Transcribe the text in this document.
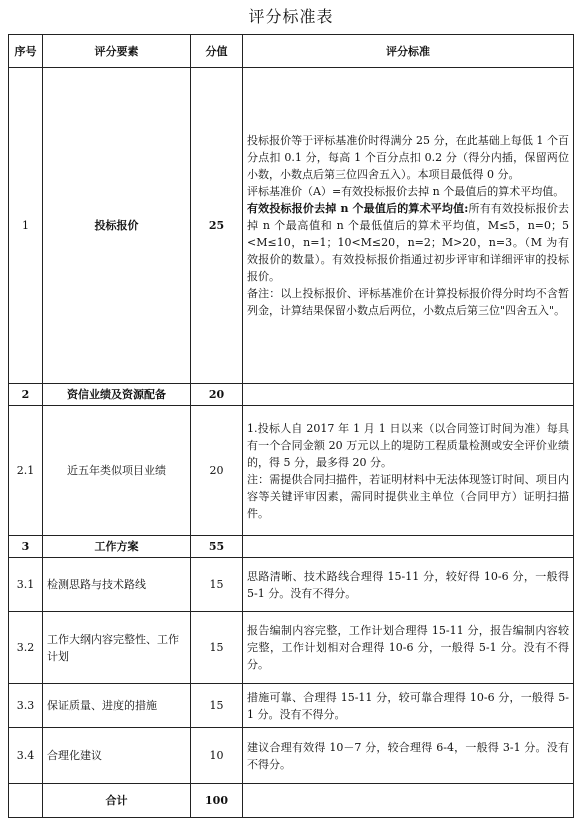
评分标准表
序号	评分要素	分值	评分标准
1	投标报价	25	投标报价等于评标基准价时得满分 25 分，在此基础上每低 1 个百分点扣 0.1 分，每高 1 个百分点扣 0.2 分（得分内插，保留两位小数，小数点后第三位四舍五入）。本项目最低得 0 分。

评标基准价（A）=有效投标报价去掉 n 个最值后的算术平均值。

有效投标报价去掉 n 个最值后的算术平均值:所有有效投标报价去掉 n 个最高值和 n 个最低值后的算术平均值，M≤5，n=0；5 <M≤10，n=1；10<M≤20，n=2；M>20，n=3。（M 为有效报价的数量）。有效投标报价指通过初步评审和详细评审的投标报价。

备注：以上投标报价、评标基准价在计算投标报价得分时均不含暂列金，计算结果保留小数点后两位，小数点后第三位"四舍五入"。

2	资信业绩及资源配备	20	
2.1	近五年类似项目业绩	20	1.投标人自 2017 年 1 月 1 日以来（以合同签订时间为准）每具有一个合同金额 20 万元以上的堤防工程质量检测或安全评价业绩的，得 5 分，最多得 20 分。

注：需提供合同扫描件，若证明材料中无法体现签订时间、项目内容等关键评审因素，需同时提供业主单位（合同甲方）证明扫描件。

3	工作方案	55	
3.1	检测思路与技术路线	15	思路清晰、技术路线合理得 15-11 分，较好得 10-6 分，一般得 5-1 分。没有不得分。

3.2	工作大纲内容完整性、工作计划	15	报告编制内容完整，工作计划合理得 15-11 分，报告编制内容较完整，工作计划相对合理得 10-6 分，一般得 5-1 分。没有不得分。

3.3	保证质量、进度的措施	15	措施可靠、合理得 15-11 分，较可靠合理得 10-6 分，一般得 5-1 分。没有不得分。

3.4	合理化建议	10	建议合理有效得 10－7 分，较合理得 6-4，一般得 3-1 分。没有不得分。

	合计	100	
